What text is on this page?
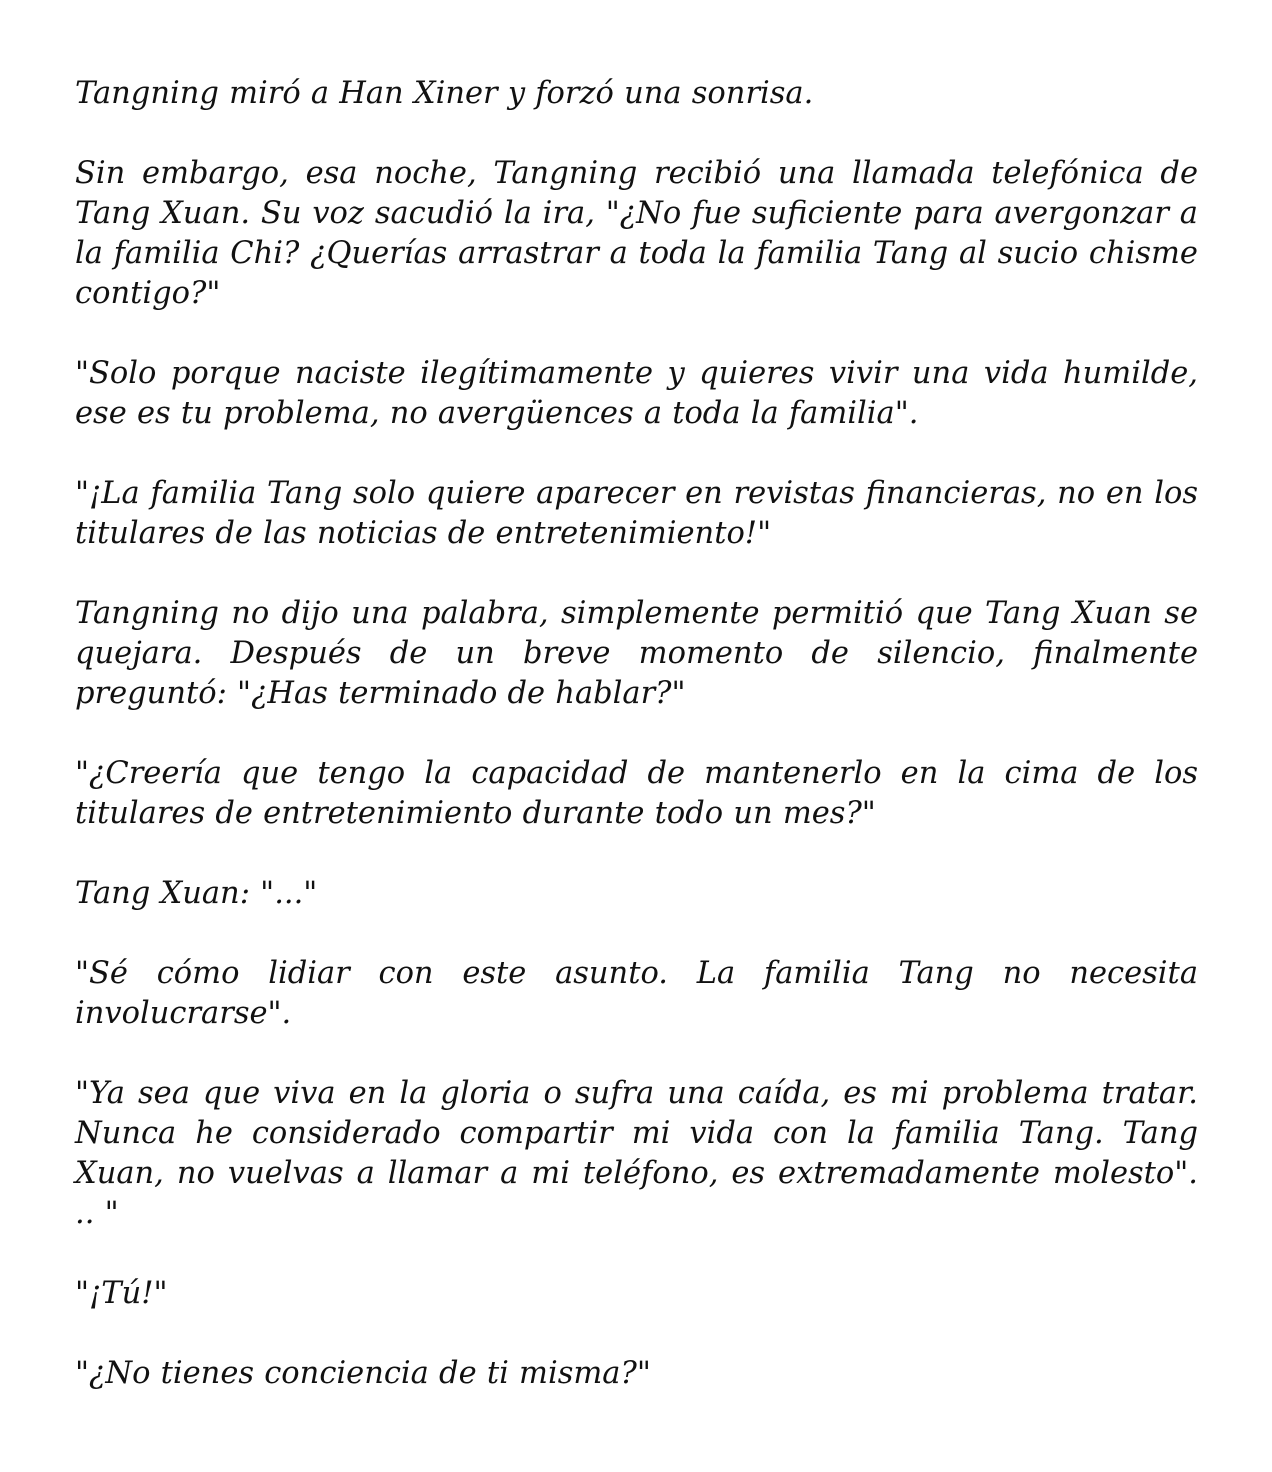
Tangning miró a Han Xiner y forzó una sonrisa.

Sin embargo, esa noche, Tangning recibió una llamada telefónica de Tang Xuan. Su voz sacudió la ira, "¿No fue suficiente para avergonzar a la familia Chi? ¿Querías arrastrar a toda la familia Tang al sucio chisme contigo?"

"Solo porque naciste ilegítimamente y quieres vivir una vida humilde, ese es tu problema, no avergüences a toda la familia".

"¡La familia Tang solo quiere aparecer en revistas financieras, no en los titulares de las noticias de entretenimiento!"

Tangning no dijo una palabra, simplemente permitió que Tang Xuan se quejara. Después de un breve momento de silencio, finalmente preguntó: "¿Has terminado de hablar?"

"¿Creería que tengo la capacidad de mantenerlo en la cima de los titulares de entretenimiento durante todo un mes?"

Tang Xuan: "..."

"Sé cómo lidiar con este asunto. La familia Tang no necesita involucrarse".

"Ya sea que viva en la gloria o sufra una caída, es mi problema tratar. Nunca he considerado compartir mi vida con la familia Tang. Tang Xuan, no vuelvas a llamar a mi teléfono, es extremadamente molesto". .. "

"¡Tú!"

"¿No tienes conciencia de ti misma?"
